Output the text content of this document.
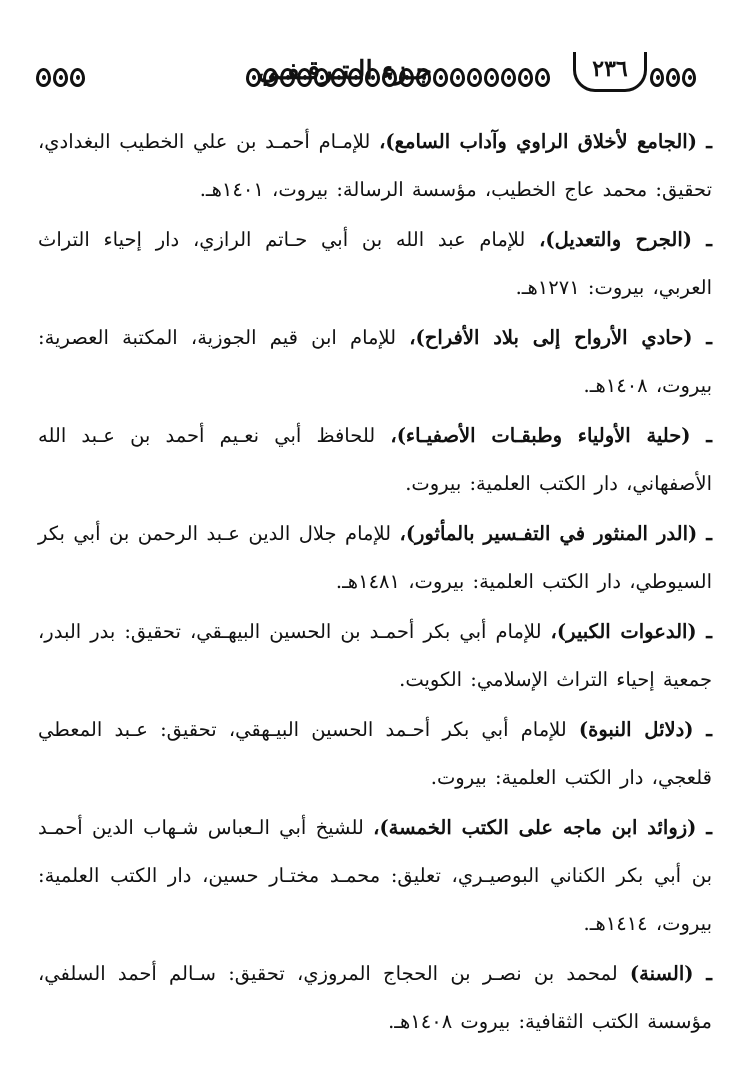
جـزء الـتـرقـفـي	٢٣٦

ـ (الجامع لأخلاق الراوي وآداب السامع)، للإمـام أحمـد بن علي الخطيب البغدادي، تحقيق: محمد عاج الخطيب، مؤسسة الرسالة: بيروت، ١٤٠١هـ.

ـ (الجرح والتعديل)، للإمام عبد الله بن أبي حـاتم الرازي، دار إحياء التراث العربي، بيروت: ١٢٧١هـ.

ـ (حادي الأرواح إلى بلاد الأفراح)، للإمام ابن قيم الجوزية، المكتبة العصرية: بيروت، ١٤٠٨هـ.

ـ (حلية الأولياء وطبقـات الأصفيـاء)، للحافظ أبي نعـيم أحمد بن عـبد الله الأصفهاني، دار الكتب العلمية: بيروت.

ـ (الدر المنثور في التفـسير بالمأثور)، للإمام جلال الدين عـبد الرحمن بن أبي بكر السيوطي، دار الكتب العلمية: بيروت، ١٤٨١هـ.

ـ (الدعوات الكبير)، للإمام أبي بكر أحمـد بن الحسين البيهـقي، تحقيق: بدر البدر، جمعية إحياء التراث الإسلامي: الكويت.

ـ (دلائل النبوة) للإمام أبي بكر أحـمد الحسين البيـهقي، تحقيق: عـبد المعطي قلعجي، دار الكتب العلمية: بيروت.

ـ (زوائد ابن ماجه على الكتب الخمسة)، للشيخ أبي الـعباس شـهاب الدين أحمـد بن أبي بكر الكناني البوصيـري، تعليق: محمـد مختـار حسين، دار الكتب العلمية: بيروت، ١٤١٤هـ.

ـ (السنة) لمحمد بن نصـر بن الحجاج المروزي، تحقيق: سـالم أحمد السلفي، مؤسسة الكتب الثقافية: بيروت ١٤٠٨هـ.
